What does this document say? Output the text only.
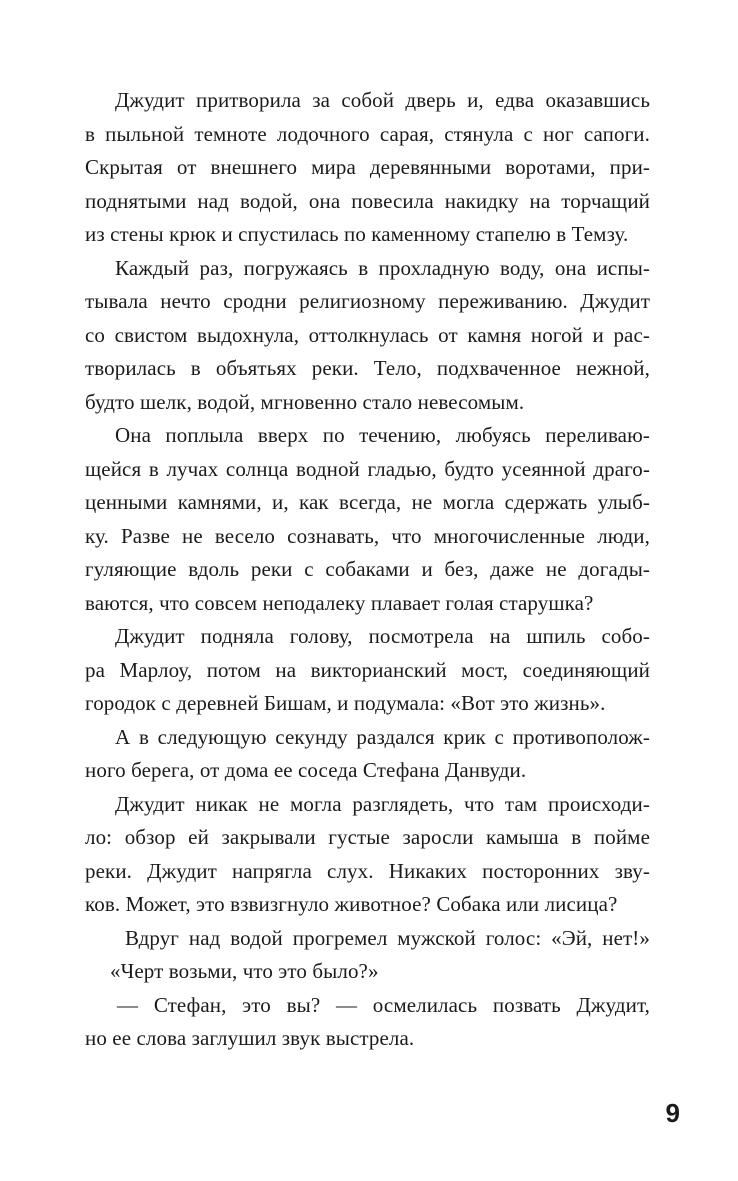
Джудит притворила за собой дверь и, едва оказавшись
в пыльной темноте лодочного сарая, стянула с ног сапоги.
Скрытая от внешнего мира деревянными воротами, при-
поднятыми над водой, она повесила накидку на торчащий
из стены крюк и спустилась по каменному стапелю в Темзу.
Каждый раз, погружаясь в прохладную воду, она испы-
тывала нечто сродни религиозному переживанию. Джудит
со свистом выдохнула, оттолкнулась от камня ногой и рас-
творилась в объятьях реки. Тело, подхваченное нежной,
будто шелк, водой, мгновенно стало невесомым.
Она поплыла вверх по течению, любуясь переливаю-
щейся в лучах солнца водной гладью, будто усеянной драго-
ценными камнями, и, как всегда, не могла сдержать улыб-
ку. Разве не весело сознавать, что многочисленные люди,
гуляющие вдоль реки с собаками и без, даже не догады-
ваются, что совсем неподалеку плавает голая старушка?
Джудит подняла голову, посмотрела на шпиль собо-
ра Марлоу, потом на викторианский мост, соединяющий
городок с деревней Бишам, и подумала: «Вот это жизнь».
А в следующую секунду раздался крик с противополож-
ного берега, от дома ее соседа Стефана Данвуди.
Джудит никак не могла разглядеть, что там происходи-
ло: обзор ей закрывали густые заросли камыша в пойме
реки. Джудит напрягла слух. Никаких посторонних зву-
ков. Может, это взвизгнуло животное? Собака или лисица?
Вдруг над водой прогремел мужской голос: «Эй, нет!»
«Черт возьми, что это было?»
— Стефан, это вы? — осмелилась позвать Джудит,
но ее слова заглушил звук выстрела.
9
